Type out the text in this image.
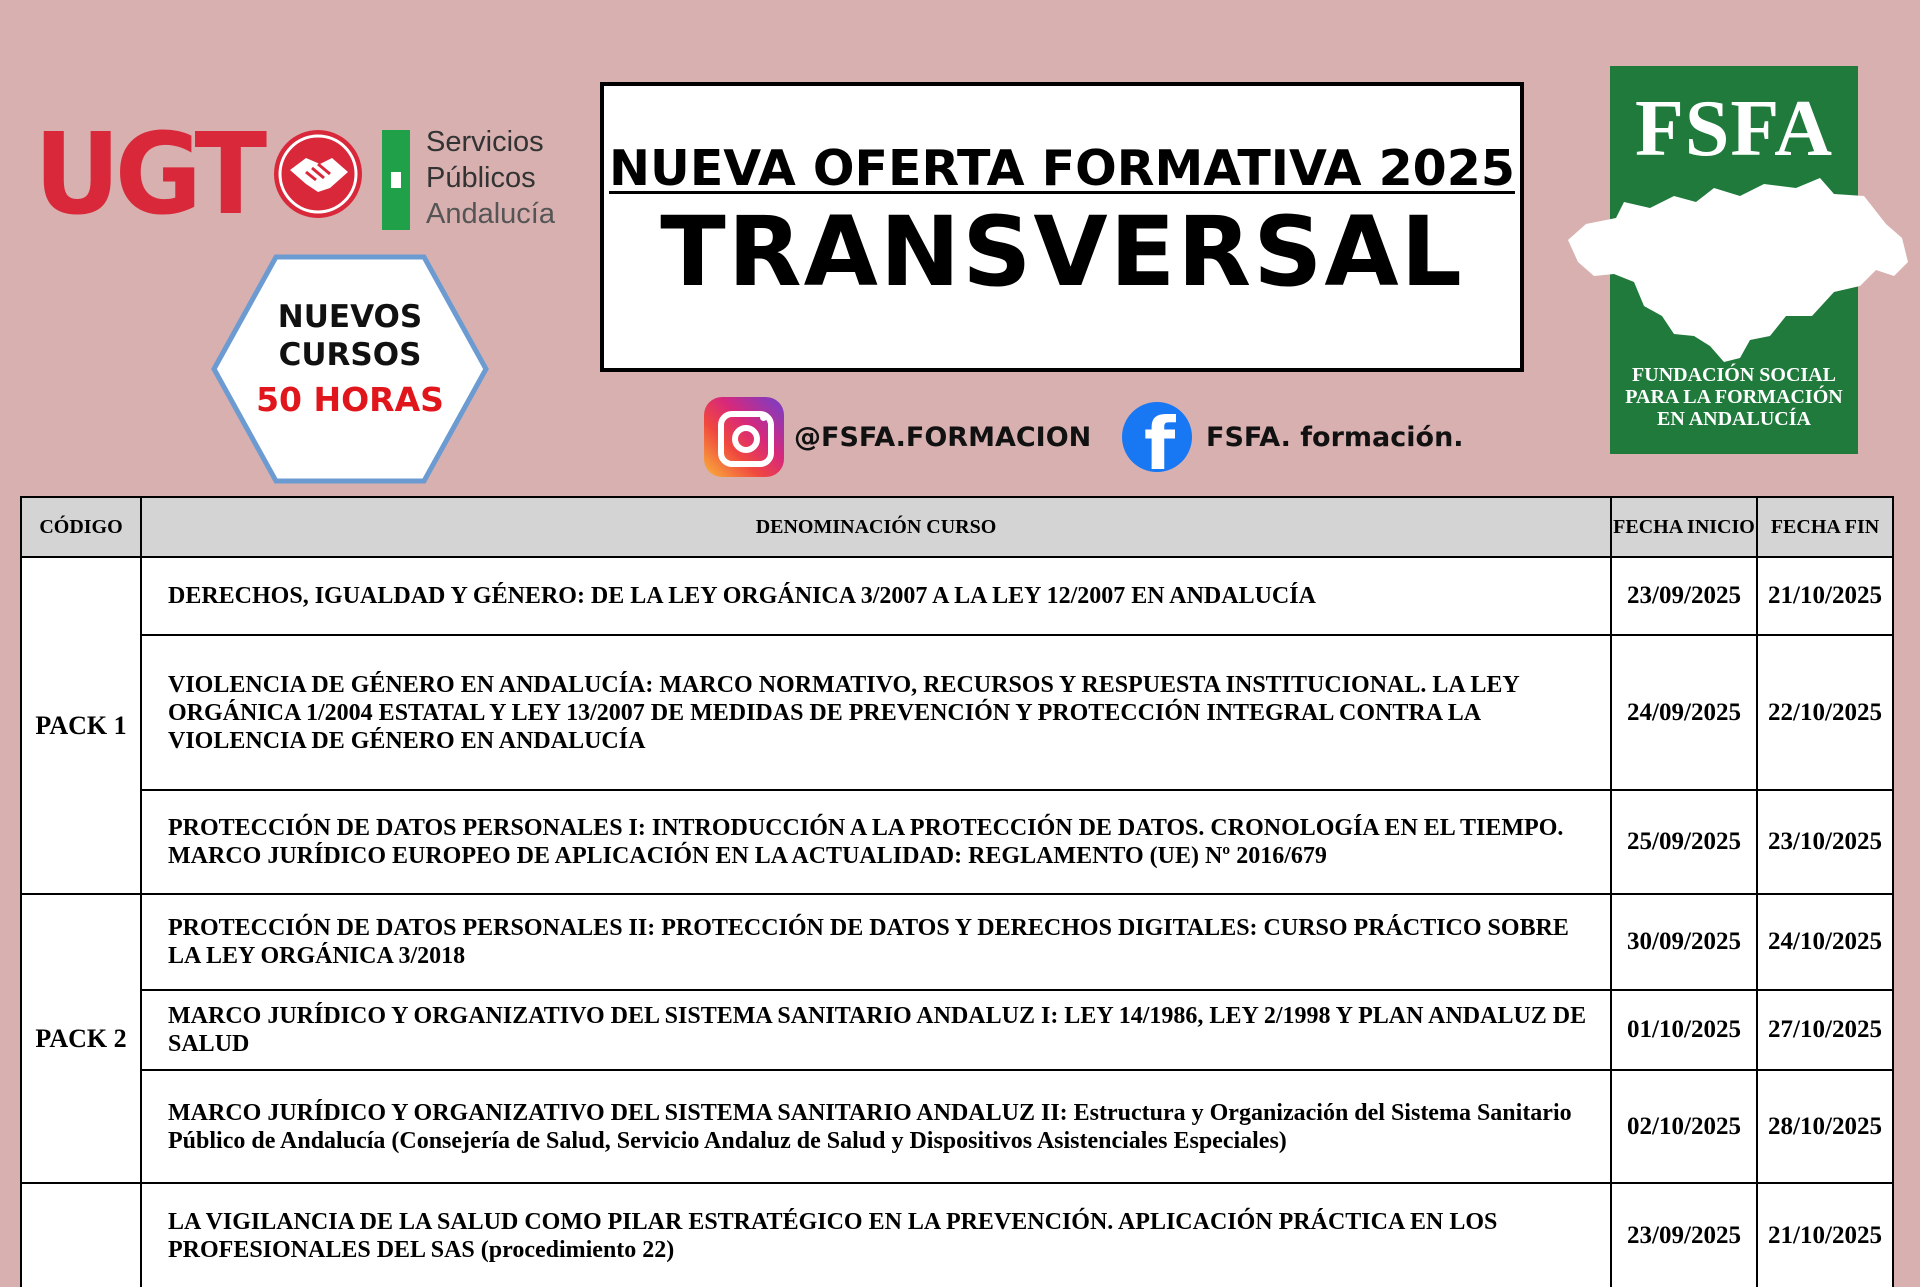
UGT	Servicios
Públicos
Andalucía
NUEVOS
CURSOS
50 HORAS
NUEVA OFERTA FORMATIVA 2025
TRANSVERSAL
@FSFA.FORMACION f FSFA. formación.
FSFA
FUNDACIÓN SOCIAL
PARA LA FORMACIÓN
EN ANDALUCÍA
CÓDIGO	DENOMINACIÓN CURSO	FECHA INICIO	FECHA FIN
PACK 1	DERECHOS, IGUALDAD Y GÉNERO: DE LA LEY ORGÁNICA 3/2007 A LA LEY 12/2007 EN ANDALUCÍA	23/09/2025	21/10/2025
	VIOLENCIA DE GÉNERO EN ANDALUCÍA: MARCO NORMATIVO, RECURSOS Y RESPUESTA INSTITUCIONAL. LA LEY ORGÁNICA 1/2004 ESTATAL Y LEY 13/2007 DE MEDIDAS DE PREVENCIÓN Y PROTECCIÓN INTEGRAL CONTRA LA VIOLENCIA DE GÉNERO EN ANDALUCÍA	24/09/2025	22/10/2025
	PROTECCIÓN DE DATOS PERSONALES I: INTRODUCCIÓN A LA PROTECCIÓN DE DATOS. CRONOLOGÍA EN EL TIEMPO. MARCO JURÍDICO EUROPEO DE APLICACIÓN EN LA ACTUALIDAD: REGLAMENTO (UE) Nº 2016/679	25/09/2025	23/10/2025
PACK 2	PROTECCIÓN DE DATOS PERSONALES II: PROTECCIÓN DE DATOS Y DERECHOS DIGITALES: CURSO PRÁCTICO SOBRE LA LEY ORGÁNICA 3/2018	30/09/2025	24/10/2025
	MARCO JURÍDICO Y ORGANIZATIVO DEL SISTEMA SANITARIO ANDALUZ I: LEY 14/1986, LEY 2/1998 Y PLAN ANDALUZ DE SALUD	01/10/2025	27/10/2025
	MARCO JURÍDICO Y ORGANIZATIVO DEL SISTEMA SANITARIO ANDALUZ II: Estructura y Organización del Sistema Sanitario Público de Andalucía (Consejería de Salud, Servicio Andaluz de Salud y Dispositivos Asistenciales Especiales)	02/10/2025	28/10/2025
	LA VIGILANCIA DE LA SALUD COMO PILAR ESTRATÉGICO EN LA PREVENCIÓN. APLICACIÓN PRÁCTICA EN LOS PROFESIONALES DEL SAS (procedimiento 22)	23/09/2025	21/10/2025
